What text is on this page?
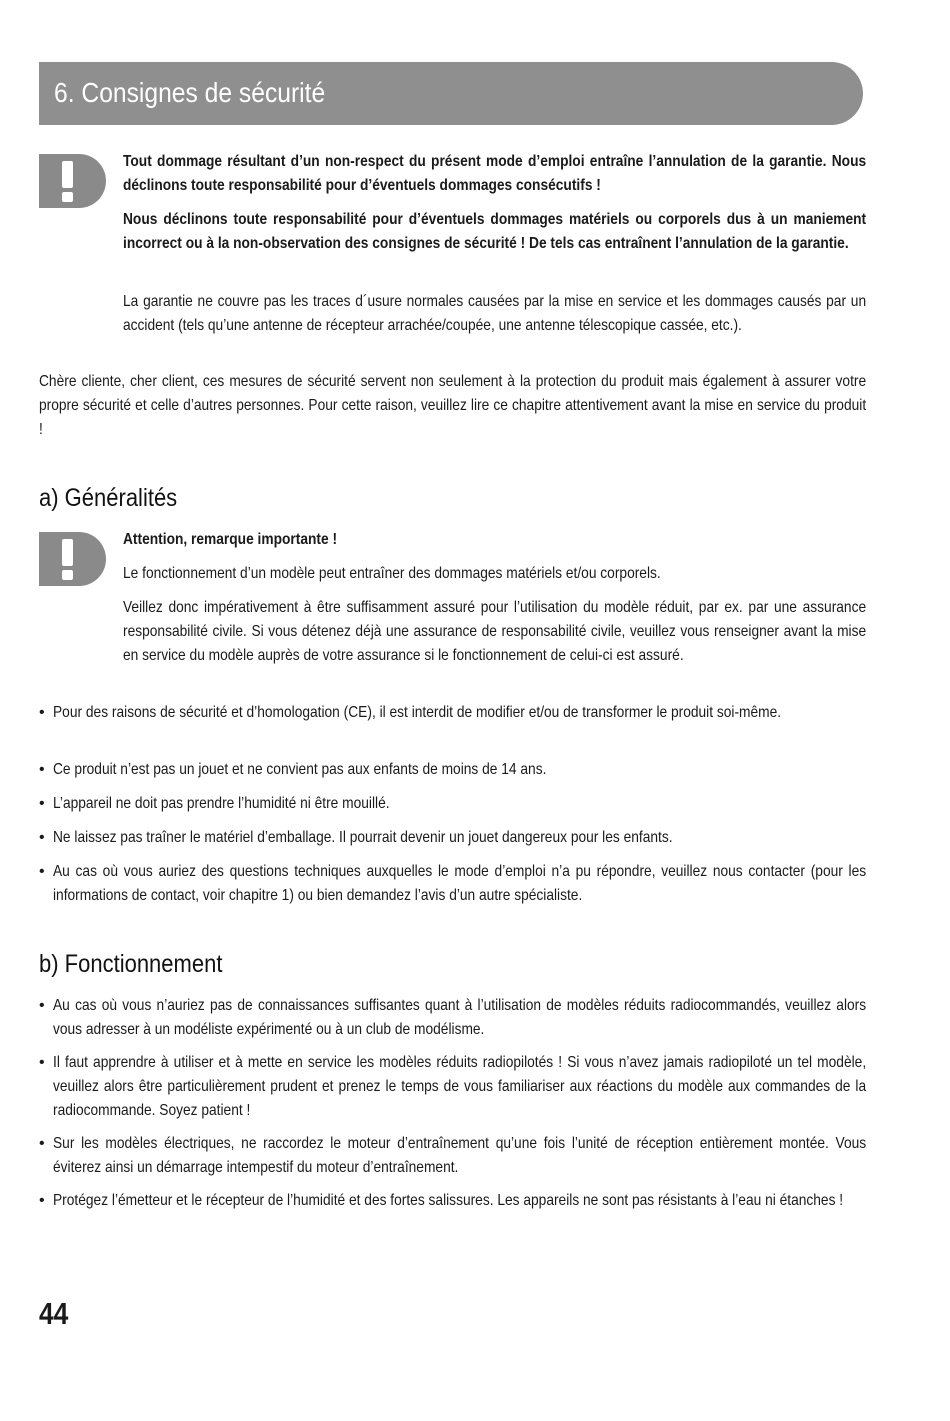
6. Consignes de sécurité

Tout dommage résultant d’un non-respect du présent mode d’emploi entraîne l’annulation de la garantie. Nous déclinons toute responsabilité pour d’éventuels dommages consécutifs !

Nous déclinons toute responsabilité pour d’éventuels dommages matériels ou corporels dus à un maniement incorrect ou à la non-observation des consignes de sécurité ! De tels cas entraînent l’annulation de la garantie.

La garantie ne couvre pas les traces d´usure normales causées par la mise en service et les dommages causés par un accident (tels qu’une antenne de récepteur arrachée/coupée, une antenne télescopique cassée, etc.).

Chère cliente, cher client, ces mesures de sécurité servent non seulement à la protection du produit mais également à assurer votre propre sécurité et celle d’autres personnes. Pour cette raison, veuillez lire ce chapitre attentivement avant la mise en service du produit !

a) Généralités

Attention, remarque importante !

Le fonctionnement d’un modèle peut entraîner des dommages matériels et/ou corporels.

Veillez donc impérativement à être suffisamment assuré pour l’utilisation du modèle réduit, par ex. par une assurance responsabilité civile. Si vous détenez déjà une assurance de responsabilité civile, veuillez vous renseigner avant la mise en service du modèle auprès de votre assurance si le fonctionnement de celui-ci est assuré.

• Pour des raisons de sécurité et d’homologation (CE), il est interdit de modifier et/ou de transformer le produit soi-même.
• Ce produit n’est pas un jouet et ne convient pas aux enfants de moins de 14 ans.
• L’appareil ne doit pas prendre l’humidité ni être mouillé.
• Ne laissez pas traîner le matériel d’emballage. Il pourrait devenir un jouet dangereux pour les enfants.
• Au cas où vous auriez des questions techniques auxquelles le mode d’emploi n’a pu répondre, veuillez nous contacter (pour les informations de contact, voir chapitre 1) ou bien demandez l’avis d’un autre spécialiste.
b) Fonctionnement
• Au cas où vous n’auriez pas de connaissances suffisantes quant à l’utilisation de modèles réduits radiocommandés, veuillez alors vous adresser à un modéliste expérimenté ou à un club de modélisme.
• Il faut apprendre à utiliser et à mette en service les modèles réduits radiopilotés ! Si vous n’avez jamais radiopiloté un tel modèle, veuillez alors être particulièrement prudent et prenez le temps de vous familiariser aux réactions du modèle aux commandes de la radiocommande. Soyez patient !
• Sur les modèles électriques, ne raccordez le moteur d’entraînement qu’une fois l’unité de réception entièrement montée. Vous éviterez ainsi un démarrage intempestif du moteur d’entraînement.
• Protégez l’émetteur et le récepteur de l’humidité et des fortes salissures. Les appareils ne sont pas résistants à l’eau ni étanches !
44
